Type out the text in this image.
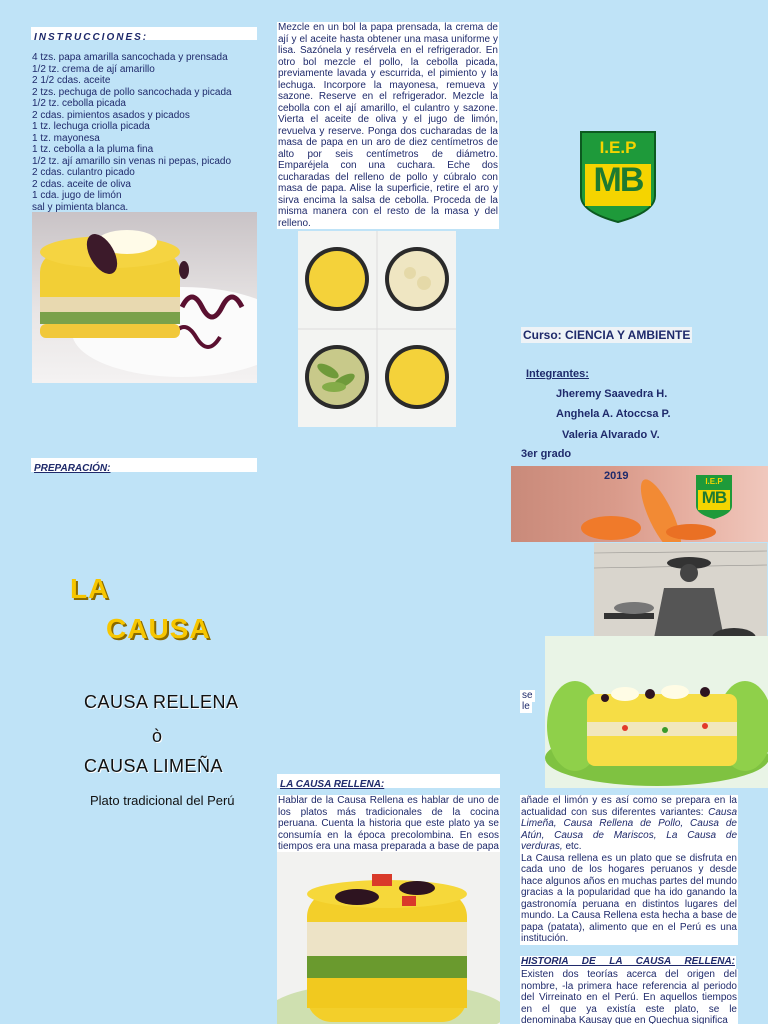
INSTRUCCIONES:
4 tzs. papa amarilla sancochada y prensada
1/2 tz. crema de ají amarillo
2 1/2 cdas. aceite
2 tzs. pechuga de pollo sancochada y picada
1/2 tz. cebolla picada
2 cdas. pimientos asados y picados
1 tz. lechuga criolla picada
1 tz. mayonesa
1 tz. cebolla a la pluma fina
1/2 tz. ají amarillo sin venas ni pepas, picado
2 cdas. culantro picado
2 cdas. aceite de oliva
1 cda. jugo de limón
sal y pimienta blanca.
PREPARACIÓN:
LA
CAUSA
CAUSA RELLENA
ò
CAUSA LIMEÑA
Plato tradicional del Perú
Mezcle en un bol la papa prensada, la crema de ají y el aceite hasta obtener una masa uniforme y lisa. Sazónela y resérvela en el refrigerador. En otro bol mezcle el pollo, la cebolla picada, previamente lavada y escurrida, el pimiento y la lechuga. Incorpore la mayonesa, remueva y sazone. Reserve en el refrigerador. Mezcle la cebolla con el ají amarillo, el culantro y sazone. Vierta el aceite de oliva y el jugo de limón, revuelva y reserve. Ponga dos cucharadas de la masa de papa en un aro de diez centímetros de alto por seis centímetros de diámetro. Emparéjela con una cuchara. Eche dos cucharadas del relleno de pollo y cúbralo con masa de papa. Alise la superficie, retire el aro y sirva encima la salsa de cebolla. Proceda de la misma manera con el resto de la masa y del relleno.
LA CAUSA RELLENA:
Hablar de la Causa Rellena es hablar de uno de los platos más tradicionales de la cocina peruana. Cuenta la historia que este plato ya se consumía en la época precolombina. En esos tiempos era una masa preparada a base de papa
I.E.P
MB
Curso: CIENCIA Y AMBIENTE
Integrantes:
Jheremy Saavedra H.
Anghela A. Atoccsa P.
Valeria Alvarado V.
3er grado
2019	I.E.P
MB
se
le
añade el limón y es así como se prepara en la actualidad con sus diferentes variantes: Causa Limeña, Causa Rellena de Pollo, Causa de Atún, Causa de Mariscos, La Causa de verduras, etc.
La Causa rellena es un plato que se disfruta en cada uno de los hogares peruanos y desde hace algunos años en muchas partes del mundo gracias a la popularidad que ha ido ganando la gastronomía peruana en distintos lugares del mundo. La Causa Rellena esta hecha a base de papa (patata), alimento que en el Perú es una institución.
HISTORIA DE LA CAUSA RELLENA:
Existen dos teorías acerca del origen del nombre, -la primera hace referencia al periodo del Virreinato en el Perú. En aquellos tiempos en el que ya existía este plato, se le denominaba Kausay que en Quechua significa
